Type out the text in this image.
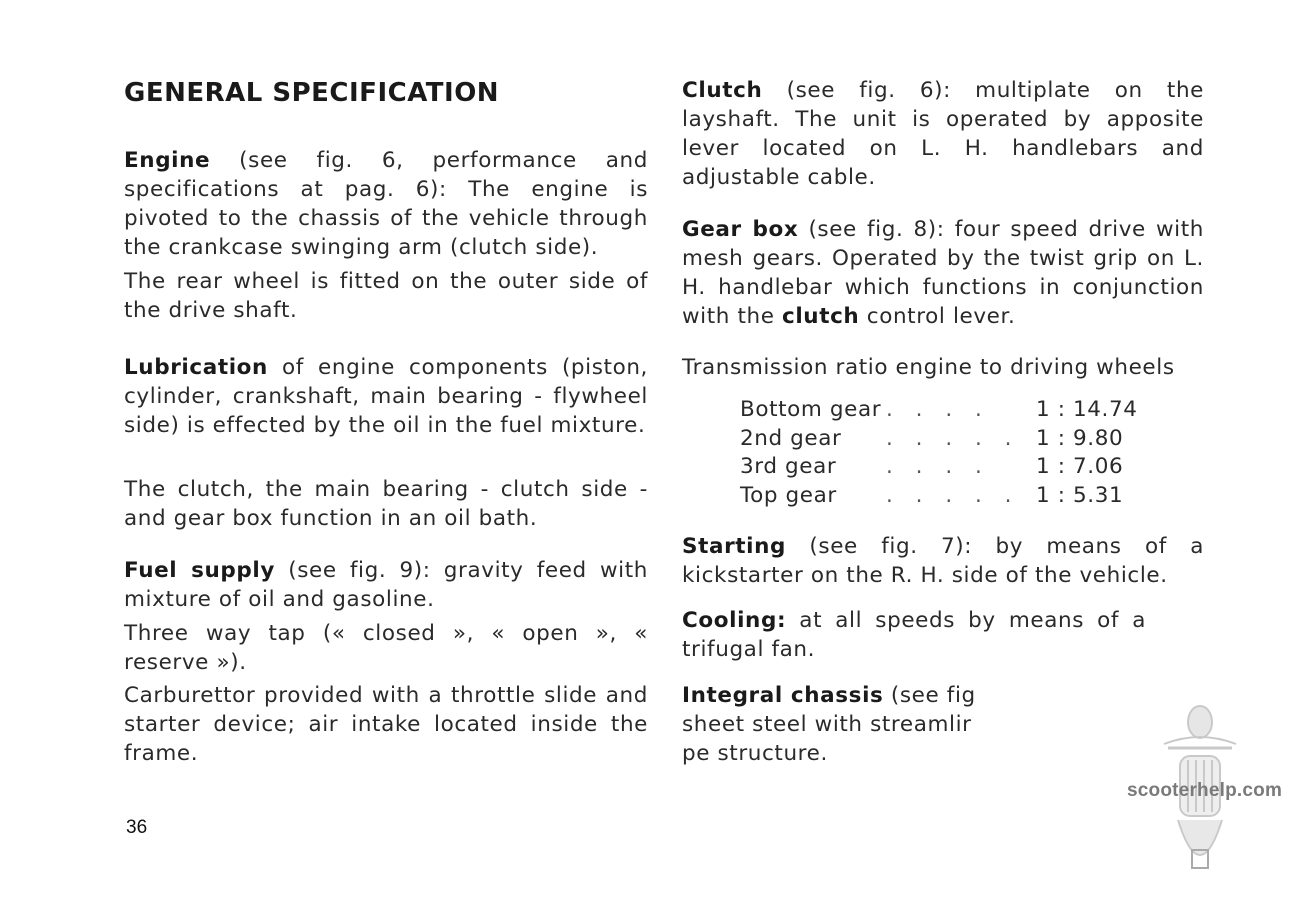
GENERAL SPECIFICATION

Engine (see fig. 6, performance and specifications at pag. 6): The engine is pivoted to the chassis of the vehicle through the crankcase swinging arm (clutch side).

The rear wheel is fitted on the outer side of the drive shaft.

Lubrication of engine components (piston, cylinder, crankshaft, main bearing - flywheel side) is effected by the oil in the fuel mixture.

The clutch, the main bearing - clutch side - and gear box function in an oil bath.

Fuel supply (see fig. 9): gravity feed with mixture of oil and gasoline.

Three way tap (« closed », « open », « reserve »).

Carburettor provided with a throttle slide and starter device; air intake located inside the frame.

Clutch (see fig. 6): multiplate on the layshaft. The unit is operated by apposite lever located on L. H. handlebars and adjustable cable.

Gear box (see fig. 8): four speed drive with mesh gears. Operated by the twist grip on L. H. handlebar which functions in conjunction with the clutch control lever.

Transmission ratio engine to driving wheels

Bottom gear . . . .	1 : 14.74
2nd gear	. . . . . 1 : 9.80
3rd gear	. . . .	1 : 7.06
Top gear	. . . . . 1 : 5.31

Starting (see fig. 7): by means of a kickstarter on the R. H. side of the vehicle.

Cooling: at all speeds by means of a trifugal fan.

Integral chassis (see fig sheet steel with streamlir pe structure.

36
scooterhelp.com
